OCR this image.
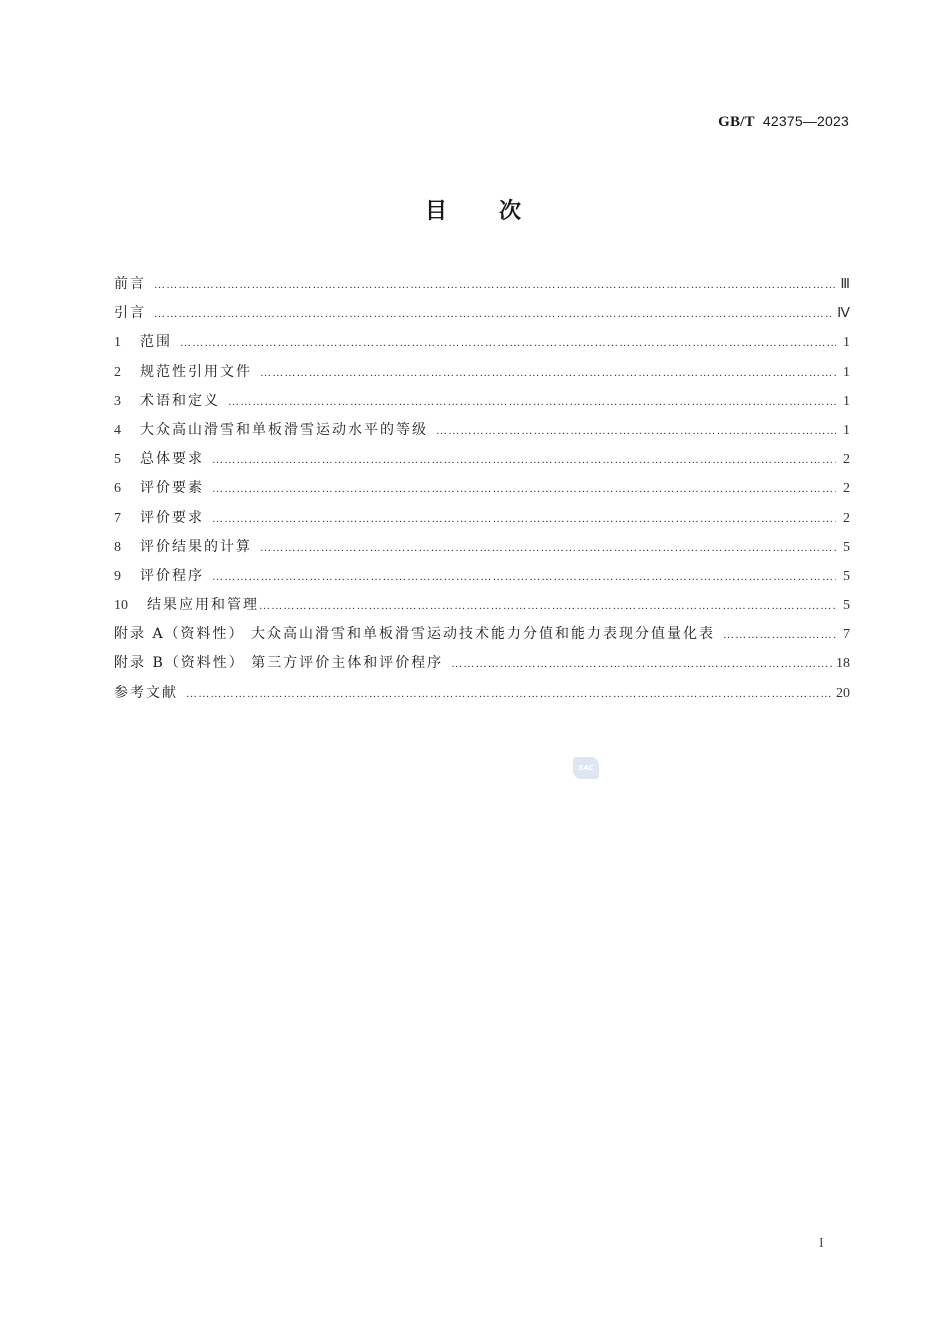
GB/T 42375—2023
目次
前言 …………………………………………………………………………………………………………………………………………………………………………………………	Ⅲ
引言 …………………………………………………………………………………………………………………………………………………………………………………………	Ⅳ
1	范围 …………………………………………………………………………………………………………………………………………………………………………………………	1
2	规范性引用文件 …………………………………………………………………………………………………………………………………………………………………………………………	1
3	术语和定义 …………………………………………………………………………………………………………………………………………………………………………………………	1
4	大众高山滑雪和单板滑雪运动水平的等级 …………………………………………………………………………………………………………………………………………………………………………………………	1
5	总体要求 …………………………………………………………………………………………………………………………………………………………………………………………	2
6	评价要素 …………………………………………………………………………………………………………………………………………………………………………………………	2
7	评价要求 …………………………………………………………………………………………………………………………………………………………………………………………	2
8	评价结果的计算 …………………………………………………………………………………………………………………………………………………………………………………………	5
9	评价程序 …………………………………………………………………………………………………………………………………………………………………………………………	5
10	结果应用和管理 …………………………………………………………………………………………………………………………………………………………………………………………	5
附录 A（资料性） 大众高山滑雪和单板滑雪运动技术能力分值和能力表现分值量化表 …………………………………………………………………………………………………………………………………………………………………………………………	7
附录 B（资料性） 第三方评价主体和评价程序 …………………………………………………………………………………………………………………………………………………………………………………………	18
参考文献 …………………………………………………………………………………………………………………………………………………………………………………………	20
SAC
I
